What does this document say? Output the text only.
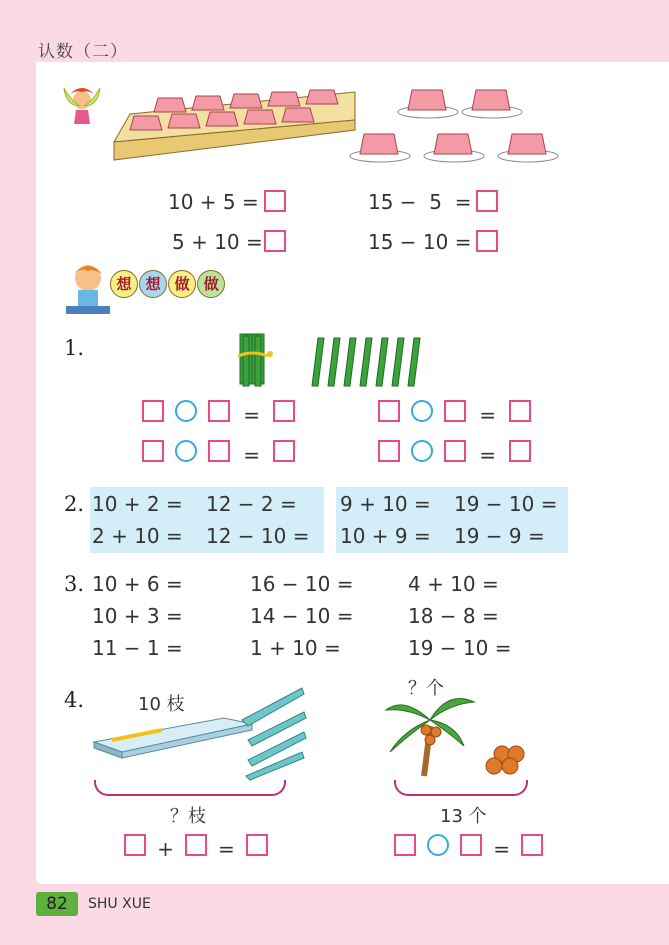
认数（二）
82	SHU XUE
10 + 5 =	15 −  5  =
5 + 10 =	15 − 10 =
想 想 做 做
1.
=	=
=	=
2. 10 + 2 = 12 − 2 =
2 + 10 = 12 − 10 =
9 + 10 = 19 − 10 =
10 + 9 = 19 − 9 =
3. 10 + 6 =	16 − 10 =	4 + 10 =
10 + 3 =	14 − 10 =	18 − 8 =
11 − 1 =	1 + 10 =	19 − 10 =
4.	10 枝
？枝
？个
13 个
+ =	=
